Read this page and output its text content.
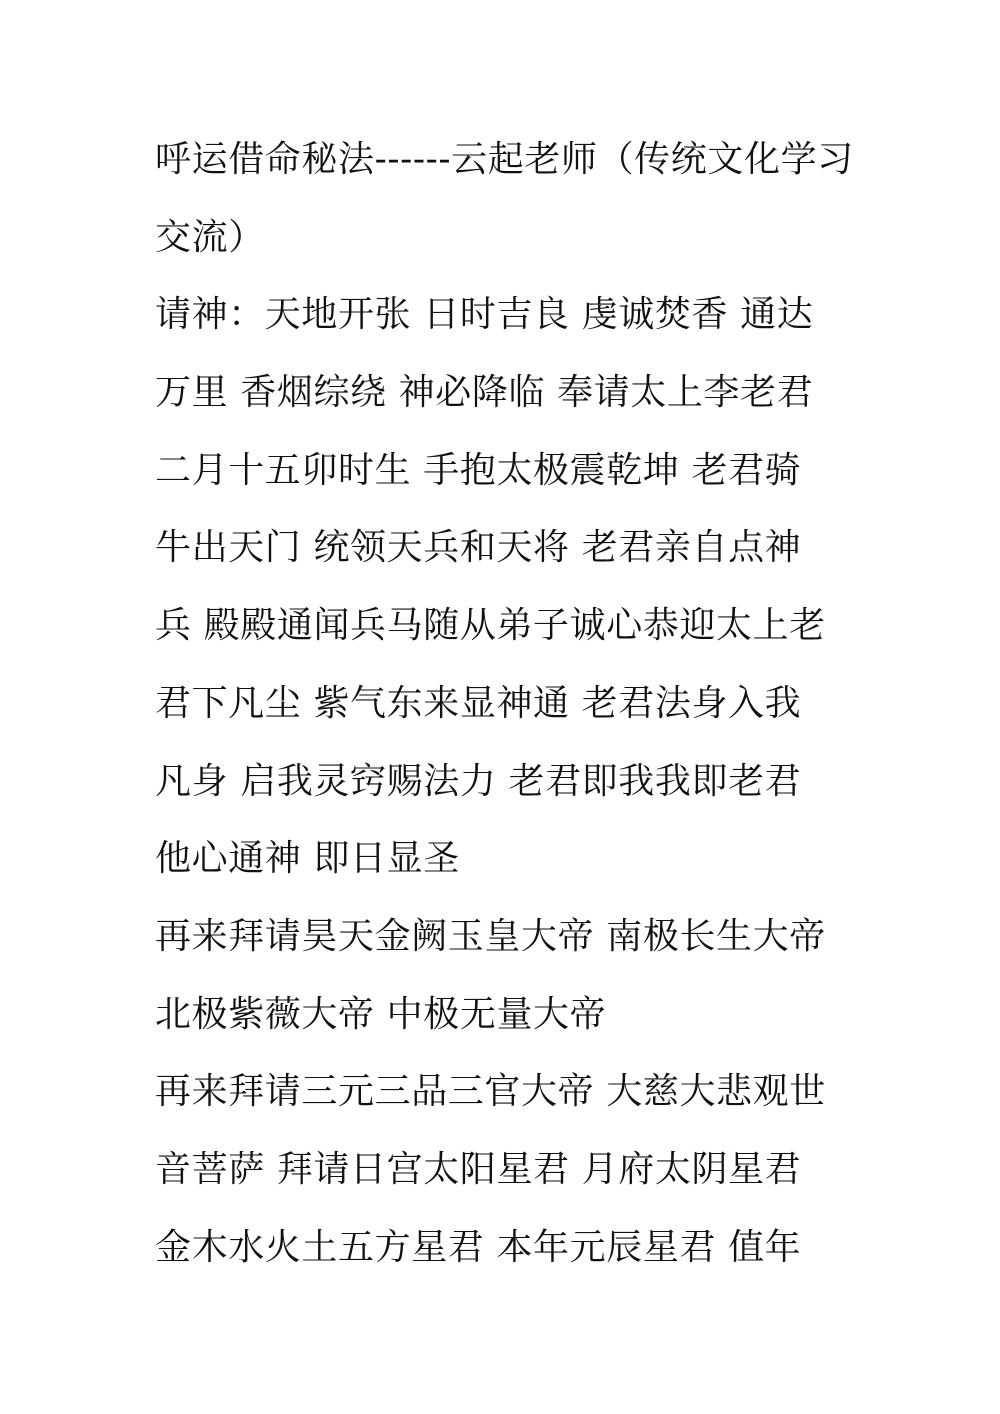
呼运借命秘法------云起老师（传统文化学习
交流）
请神：天地开张 日时吉良 虔诚焚香 通达
万里 香烟综绕 神必降临 奉请太上李老君
二月十五卯时生 手抱太极震乾坤 老君骑
牛出天门 统领天兵和天将 老君亲自点神
兵 殿殿通闻兵马随从弟子诚心恭迎太上老
君下凡尘 紫气东来显神通 老君法身入我
凡身 启我灵窍赐法力 老君即我我即老君
他心通神 即日显圣
再来拜请昊天金阙玉皇大帝 南极长生大帝
北极紫薇大帝 中极无量大帝
再来拜请三元三品三官大帝 大慈大悲观世
音菩萨 拜请日宫太阳星君 月府太阴星君
金木水火土五方星君 本年元辰星君 值年
